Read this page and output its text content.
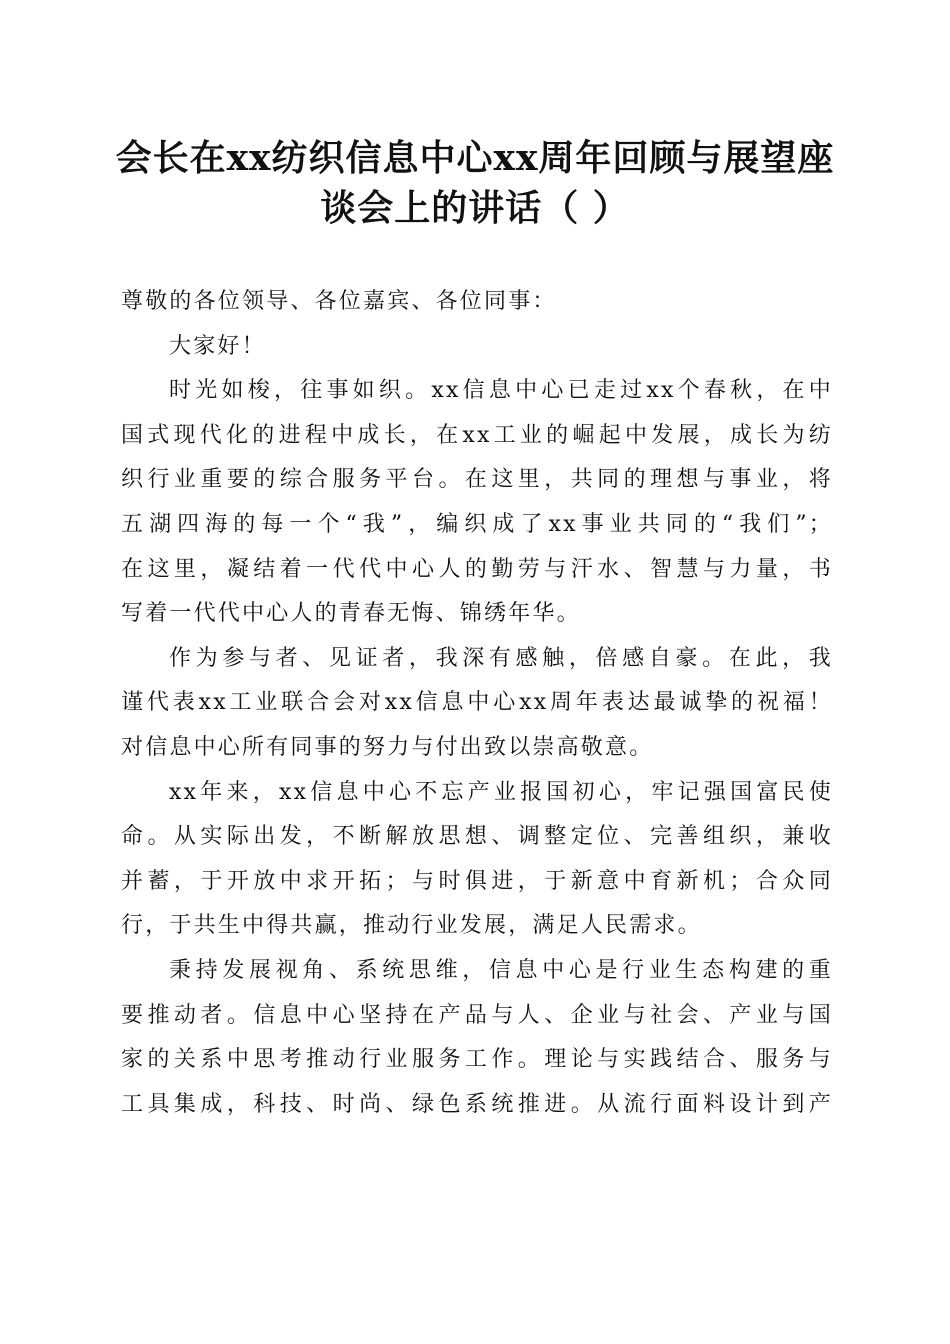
会长在xx纺织信息中心xx周年回顾与展望座
谈会上的讲话（ ）
尊敬的各位领导、各位嘉宾、各位同事：
大家好！
时光如梭，往事如织。xx信息中心已走过xx个春秋，在中
国式现代化的进程中成长，在xx工业的崛起中发展，成长为纺
织行业重要的综合服务平台。在这里，共同的理想与事业，将
五湖四海的每一个“我”，编织成了xx事业共同的“我们”；
在这里，凝结着一代代中心人的勤劳与汗水、智慧与力量，书
写着一代代中心人的青春无悔、锦绣年华。
作为参与者、见证者，我深有感触，倍感自豪。在此，我
谨代表xx工业联合会对xx信息中心xx周年表达最诚挚的祝福！
对信息中心所有同事的努力与付出致以崇高敬意。
xx年来，xx信息中心不忘产业报国初心，牢记强国富民使
命。从实际出发，不断解放思想、调整定位、完善组织，兼收
并蓄，于开放中求开拓；与时俱进，于新意中育新机；合众同
行，于共生中得共赢，推动行业发展，满足人民需求。
秉持发展视角、系统思维，信息中心是行业生态构建的重
要推动者。信息中心坚持在产品与人、企业与社会、产业与国
家的关系中思考推动行业服务工作。理论与实践结合、服务与
工具集成，科技、时尚、绿色系统推进。从流行面料设计到产
